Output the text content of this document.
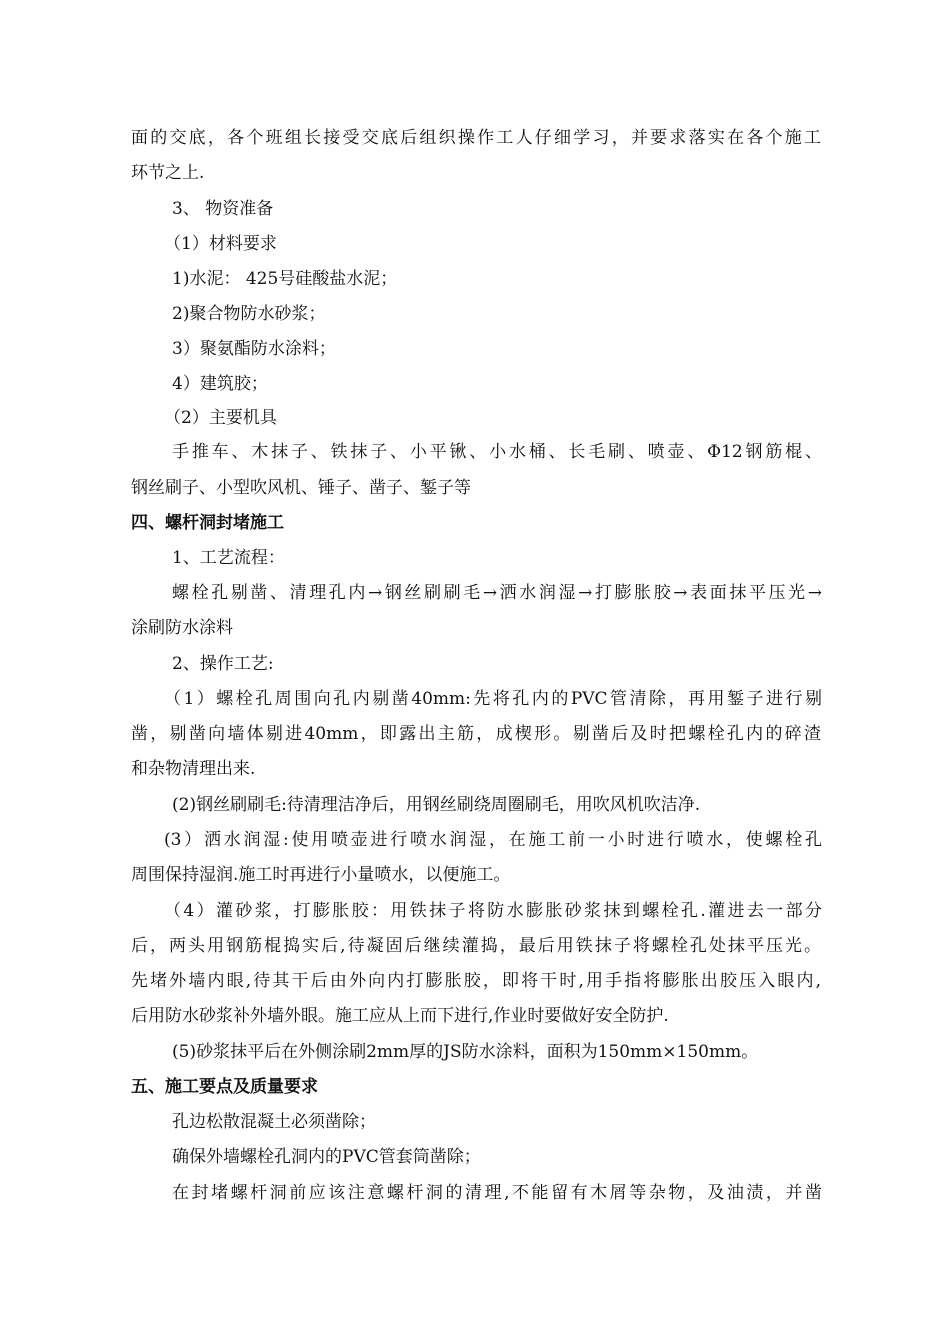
面的交底，各个班组长接受交底后组织操作工人仔细学习，并要求落实在各个施工
环节之上.
3、 物资准备
（1）材料要求
1)水泥： 425号硅酸盐水泥；
2)聚合物防水砂浆；
3）聚氨酯防水涂料；
4）建筑胶；
（2）主要机具
手推车、木抹子、铁抹子、小平锹、小水桶、长毛刷、喷壶、Φ12钢筋棍、
钢丝刷子、小型吹风机、锤子、凿子、錾子等
四、螺杆洞封堵施工
1、工艺流程：
螺栓孔剔凿、清理孔内→钢丝刷刷毛→洒水润湿→打膨胀胶→表面抹平压光→
涂刷防水涂料
2、操作工艺:
（1）螺栓孔周围向孔内剔凿40mm:先将孔内的PVC管清除，再用錾子进行剔
凿，剔凿向墙体剔进40mm，即露出主筋，成楔形。剔凿后及时把螺栓孔内的碎渣
和杂物清理出来.
(2)钢丝刷刷毛:待清理洁净后，用钢丝刷绕周圈刷毛，用吹风机吹洁净.
(3）洒水润湿:使用喷壶进行喷水润湿，在施工前一小时进行喷水，使螺栓孔
周围保持湿润.施工时再进行小量喷水，以便施工。
（4）灌砂浆，打膨胀胶：用铁抹子将防水膨胀砂浆抹到螺栓孔.灌进去一部分
后，两头用钢筋棍捣实后,待凝固后继续灌捣，最后用铁抹子将螺栓孔处抹平压光。
先堵外墙内眼,待其干后由外向内打膨胀胶，即将干时,用手指将膨胀出胶压入眼内,
后用防水砂浆补外墙外眼。施工应从上而下进行,作业时要做好安全防护.
(5)砂浆抹平后在外侧涂刷2mm厚的JS防水涂料，面积为150mm×150mm。
五、施工要点及质量要求
孔边松散混凝土必须凿除；
确保外墙螺栓孔洞内的PVC管套筒凿除；
在封堵螺杆洞前应该注意螺杆洞的清理,不能留有木屑等杂物，及油渍，并凿
